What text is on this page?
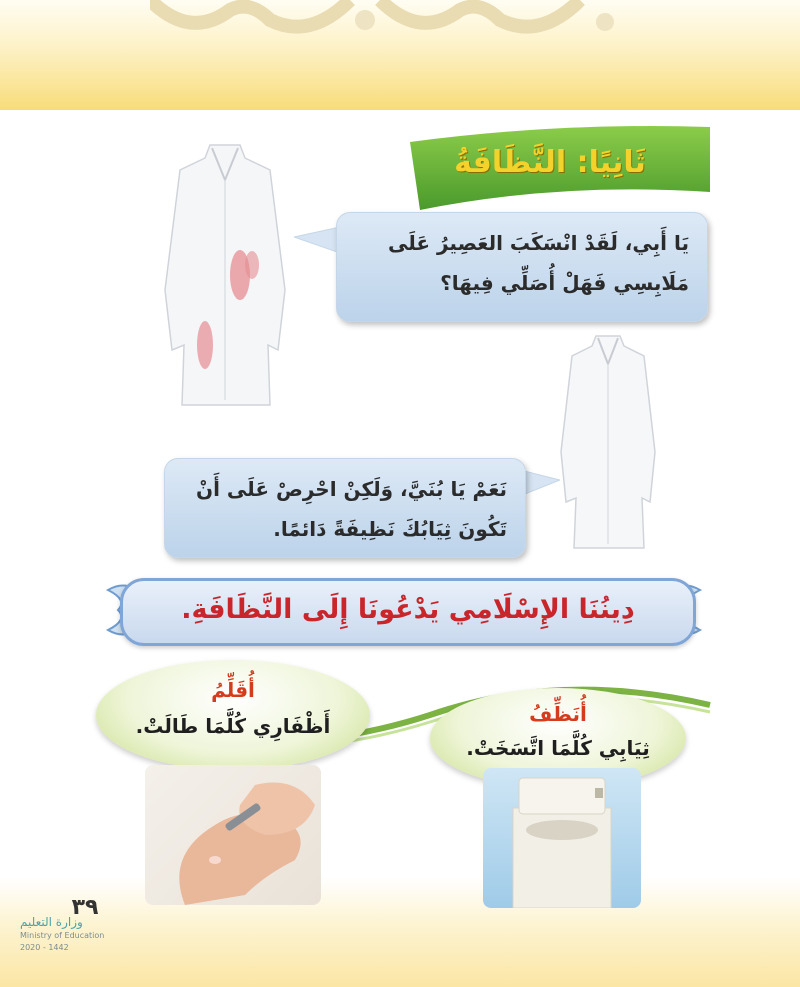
ثَانِيًا: النَّظَافَةُ
يَا أَبِي، لَقَدْ انْسَكَبَ العَصِيرُ عَلَى مَلَابِسِي فَهَلْ أُصَلِّي فِيهَا؟
نَعَمْ يَا بُنَيَّ، وَلَكِنْ احْرِصْ عَلَى أَنْ تَكُونَ ثِيَابُكَ نَظِيفَةً دَائمًا.
دِينُنَا الإِسْلَامِي يَدْعُونَا إِلَى النَّظَافَةِ.
أُقَلِّمُ
أَظْفَارِي كُلَّمَا طَالَتْ.	أُنَظِّفُ
ثِيَابِي كُلَّمَا اتَّسَخَتْ.
٣٩
وزارة التعليم
Ministry of Education
2020 - 1442
